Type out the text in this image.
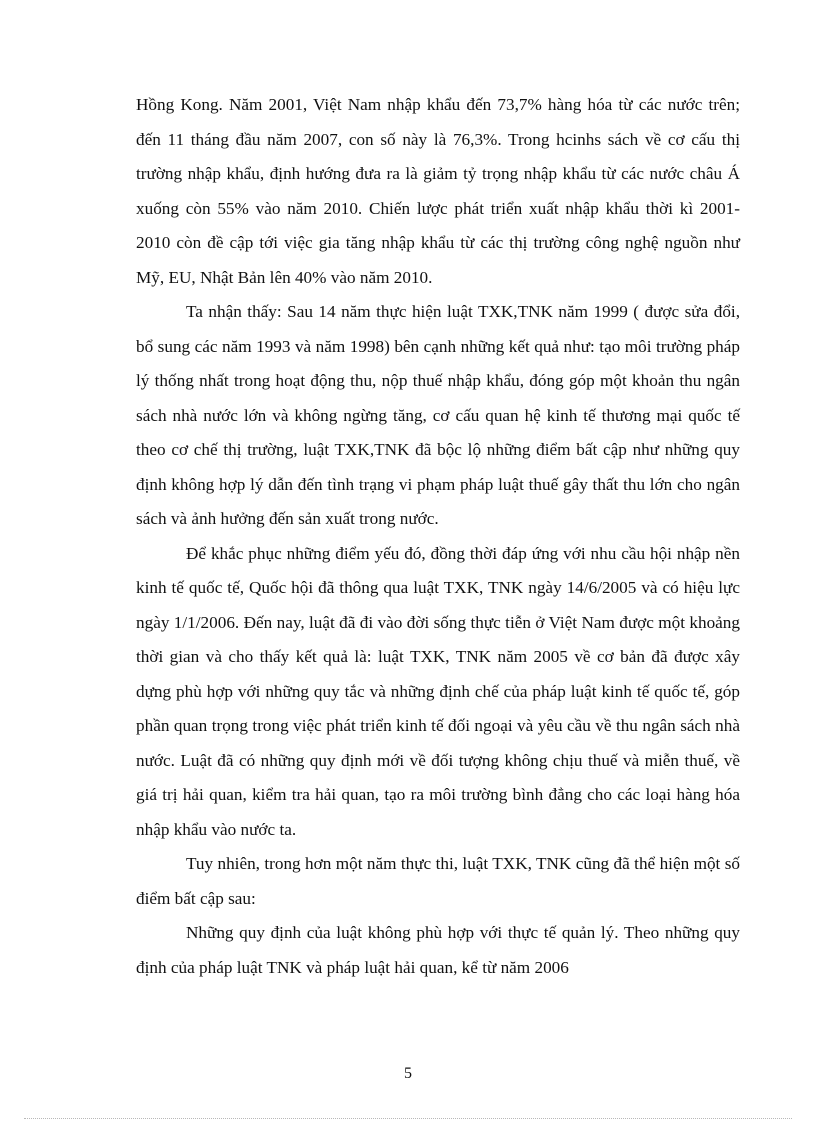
Hồng Kong. Năm 2001, Việt Nam nhập khẩu đến 73,7% hàng hóa từ các nước trên; đến 11 tháng đầu năm 2007, con số này là 76,3%. Trong hcinhs sách về cơ cấu thị trường nhập khẩu, định hướng đưa ra là giảm tỷ trọng nhập khẩu từ các nước châu Á xuống còn 55% vào năm 2010. Chiến lược phát triển xuất nhập khẩu thời kì 2001- 2010 còn đề cập tới việc gia tăng nhập khẩu từ các thị trường công nghệ nguồn như Mỹ, EU, Nhật Bản lên 40% vào năm 2010.

Ta nhận thấy: Sau 14 năm thực hiện luật TXK,TNK năm 1999 ( được sửa đổi, bổ sung các năm 1993 và năm 1998) bên cạnh những kết quả như: tạo môi trường pháp lý thống nhất trong hoạt động thu, nộp thuế nhập khẩu, đóng góp một khoản thu ngân sách nhà nước lớn và không ngừng tăng, cơ cấu quan hệ kinh tế thương mại quốc tế theo cơ chế thị trường, luật TXK,TNK đã bộc lộ những điểm bất cập như những quy định không hợp lý dẫn đến tình trạng vi phạm pháp luật thuế gây thất thu lớn cho ngân sách và ảnh hưởng đến sản xuất trong nước.

Để khắc phục những điểm yếu đó, đồng thời đáp ứng với nhu cầu hội nhập nền kinh tế quốc tế, Quốc hội đã thông qua luật TXK, TNK ngày 14/6/2005 và có hiệu lực ngày 1/1/2006. Đến nay, luật đã đi vào đời sống thực tiễn ở Việt Nam được một khoảng thời gian và cho thấy kết quả là: luật TXK, TNK năm 2005 về cơ bản đã được xây dựng phù hợp với những quy tắc và những định chế của pháp luật kinh tế quốc tế, góp phần quan trọng trong việc phát triển kinh tế đối ngoại và yêu cầu về thu ngân sách nhà nước. Luật đã có những quy định mới về đối tượng không chịu thuế và miễn thuế, về giá trị hải quan, kiểm tra hải quan, tạo ra môi trường bình đẳng cho các loại hàng hóa nhập khẩu vào nước ta.

Tuy nhiên, trong hơn một năm thực thi, luật TXK, TNK cũng đã thể hiện một số điểm bất cập sau:

Những quy định của luật không phù hợp với thực tế quản lý. Theo những quy định của pháp luật TNK và pháp luật hải quan, kể từ năm 2006

5
